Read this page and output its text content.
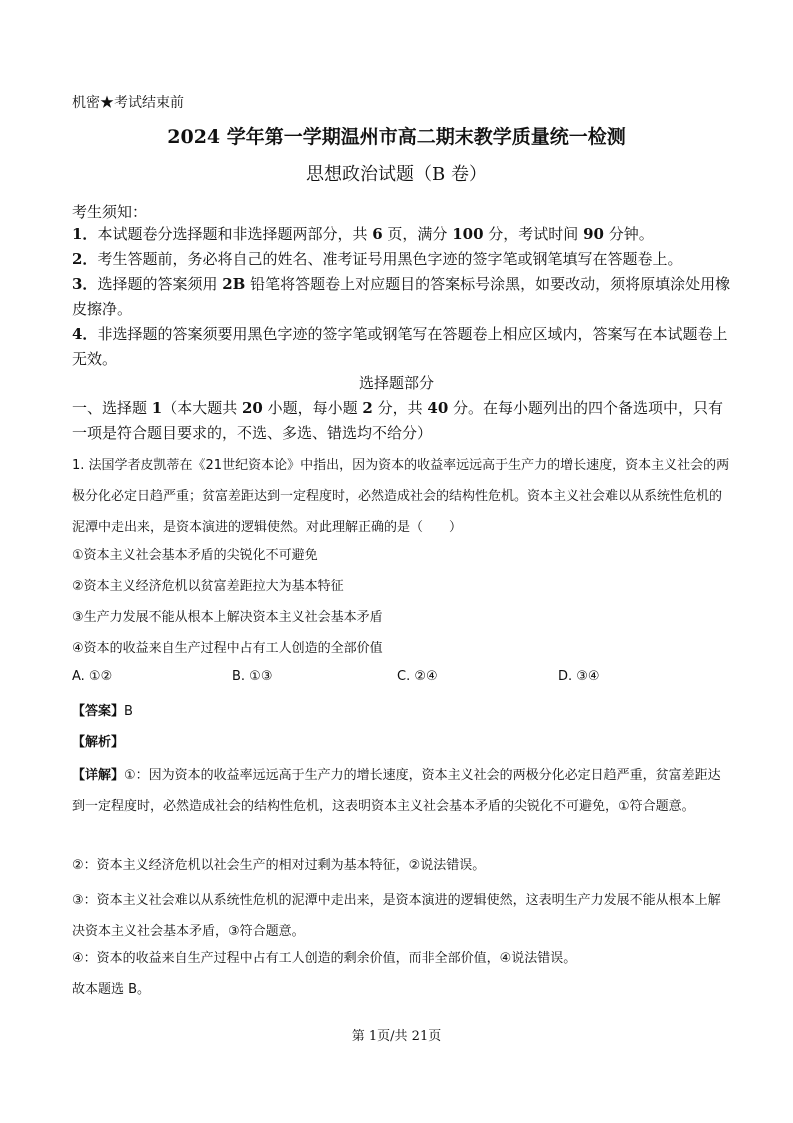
机密★考试结束前
2024 学年第一学期温州市高二期末教学质量统一检测
思想政治试题（B 卷）
考生须知：
1．本试题卷分选择题和非选择题两部分，共 6 页，满分 100 分，考试时间 90 分钟。
2．考生答题前，务必将自己的姓名、准考证号用黑色字迹的签字笔或钢笔填写在答题卷上。
3．选择题的答案须用 2B 铅笔将答题卷上对应题目的答案标号涂黑，如要改动，须将原填涂处用橡皮擦净。
4．非选择题的答案须要用黑色字迹的签字笔或钢笔写在答题卷上相应区域内，答案写在本试题卷上无效。
选择题部分
一、选择题 1（本大题共 20 小题，每小题 2 分，共 40 分。在每小题列出的四个备选项中，只有一项是符合题目要求的，不选、多选、错选均不给分）
1. 法国学者皮凯蒂在《21世纪资本论》中指出，因为资本的收益率远远高于生产力的增长速度，资本主义社会的两极分化必定日趋严重；贫富差距达到一定程度时，必然造成社会的结构性危机。资本主义社会难以从系统性危机的泥潭中走出来，是资本演进的逻辑使然。对此理解正确的是（　　）
①资本主义社会基本矛盾的尖锐化不可避免
②资本主义经济危机以贫富差距拉大为基本特征
③生产力发展不能从根本上解决资本主义社会基本矛盾
④资本的收益来自生产过程中占有工人创造的全部价值
A. ①②	B. ①③	C. ②④	D. ③④
【答案】B
【解析】
【详解】①：因为资本的收益率远远高于生产力的增长速度，资本主义社会的两极分化必定日趋严重，贫富差距达到一定程度时，必然造成社会的结构性危机，这表明资本主义社会基本矛盾的尖锐化不可避免，①符合题意。
②：资本主义经济危机以社会生产的相对过剩为基本特征，②说法错误。
③：资本主义社会难以从系统性危机的泥潭中走出来，是资本演进的逻辑使然，这表明生产力发展不能从根本上解决资本主义社会基本矛盾，③符合题意。
④：资本的收益来自生产过程中占有工人创造的剩余价值，而非全部价值，④说法错误。
故本题选 B。
第 1页/共 21页
